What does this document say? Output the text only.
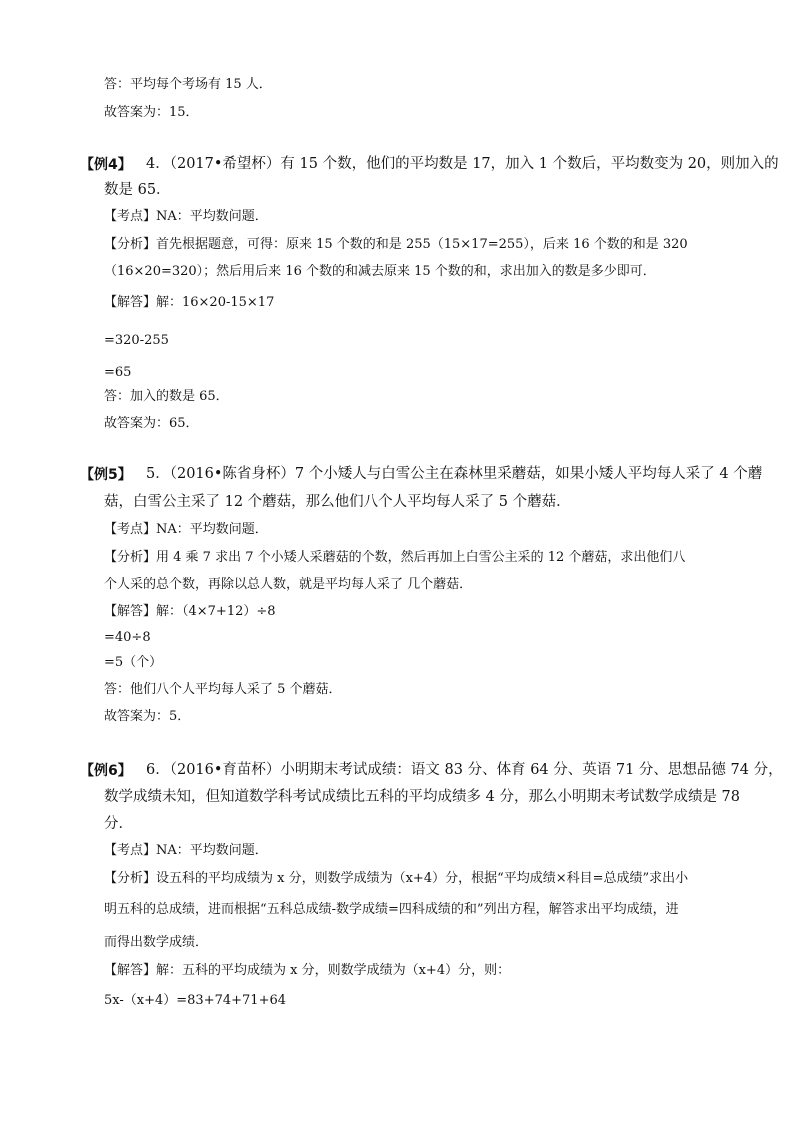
答：平均每个考场有 15 人．
故答案为：15．
【例4】 4．（2017•希望杯）有 15 个数，他们的平均数是 17，加入 1 个数后，平均数变为 20，则加入的
数是 65．
【考点】NA：平均数问题．
【分析】首先根据题意，可得：原来 15 个数的和是 255（15×17=255），后来 16 个数的和是 320
（16×20=320）；然后用后来 16 个数的和减去原来 15 个数的和，求出加入的数是多少即可．
【解答】解：16×20-15×17
=320-255
=65
答：加入的数是 65．
故答案为：65．
【例5】 5．（2016•陈省身杯）7 个小矮人与白雪公主在森林里采蘑菇，如果小矮人平均每人采了 4 个蘑
菇，白雪公主采了 12 个蘑菇，那么他们八个人平均每人采了 5 个蘑菇．
【考点】NA：平均数问题．
【分析】用 4 乘 7 求出 7 个小矮人采蘑菇的个数，然后再加上白雪公主采的 12 个蘑菇，求出他们八
个人采的总个数，再除以总人数，就是平均每人采了 几个蘑菇．
【解答】解：（4×7+12）÷8
=40÷8
=5（个）
答：他们八个人平均每人采了 5 个蘑菇．
故答案为：5．
【例6】 6．（2016•育苗杯）小明期末考试成绩：语文 83 分、体育 64 分、英语 71 分、思想品德 74 分，
数学成绩未知，但知道数学科考试成绩比五科的平均成绩多 4 分，那么小明期末考试数学成绩是 78
分．
【考点】NA：平均数问题．
【分析】设五科的平均成绩为 x 分，则数学成绩为（x+4）分，根据“平均成绩×科目=总成绩”求出小
明五科的总成绩，进而根据“五科总成绩-数学成绩=四科成绩的和”列出方程，解答求出平均成绩，进
而得出数学成绩．
【解答】解：五科的平均成绩为 x 分，则数学成绩为（x+4）分，则：
5x-（x+4）=83+74+71+64
